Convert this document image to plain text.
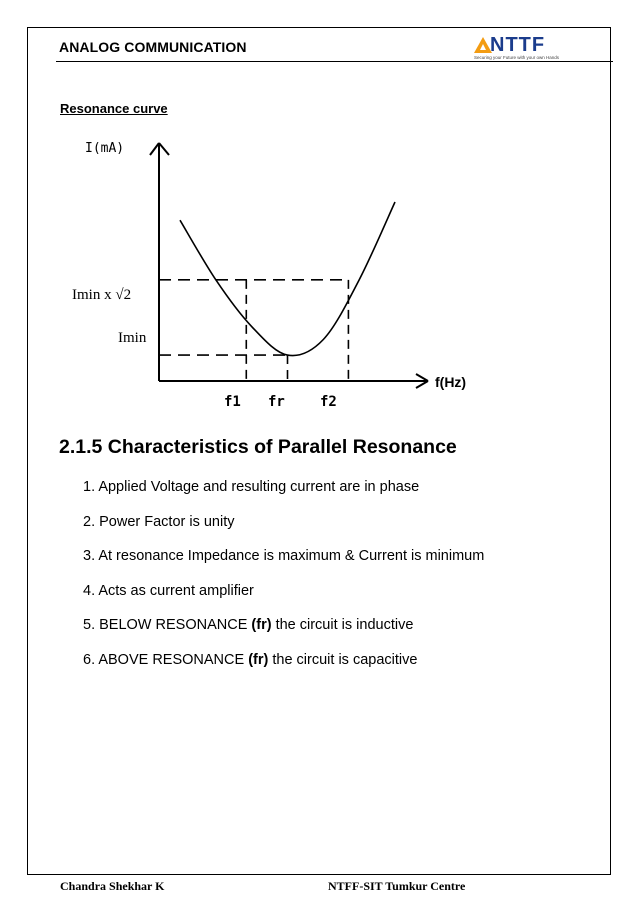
ANALOG COMMUNICATION	NTTF
Securing your Future with your own Hands
Resonance curve
I(mA)
f(Hz)
Imin x √2
Imin
f1 fr	f2
2.1.5 Characteristics of Parallel Resonance
1. Applied Voltage and resulting current are in phase
2. Power Factor is unity
3. At resonance Impedance is maximum & Current is minimum
4. Acts as current amplifier
5. BELOW RESONANCE (fr) the circuit is inductive
6. ABOVE RESONANCE (fr) the circuit is capacitive
Chandra Shekhar K	NTFF-SIT Tumkur Centre
